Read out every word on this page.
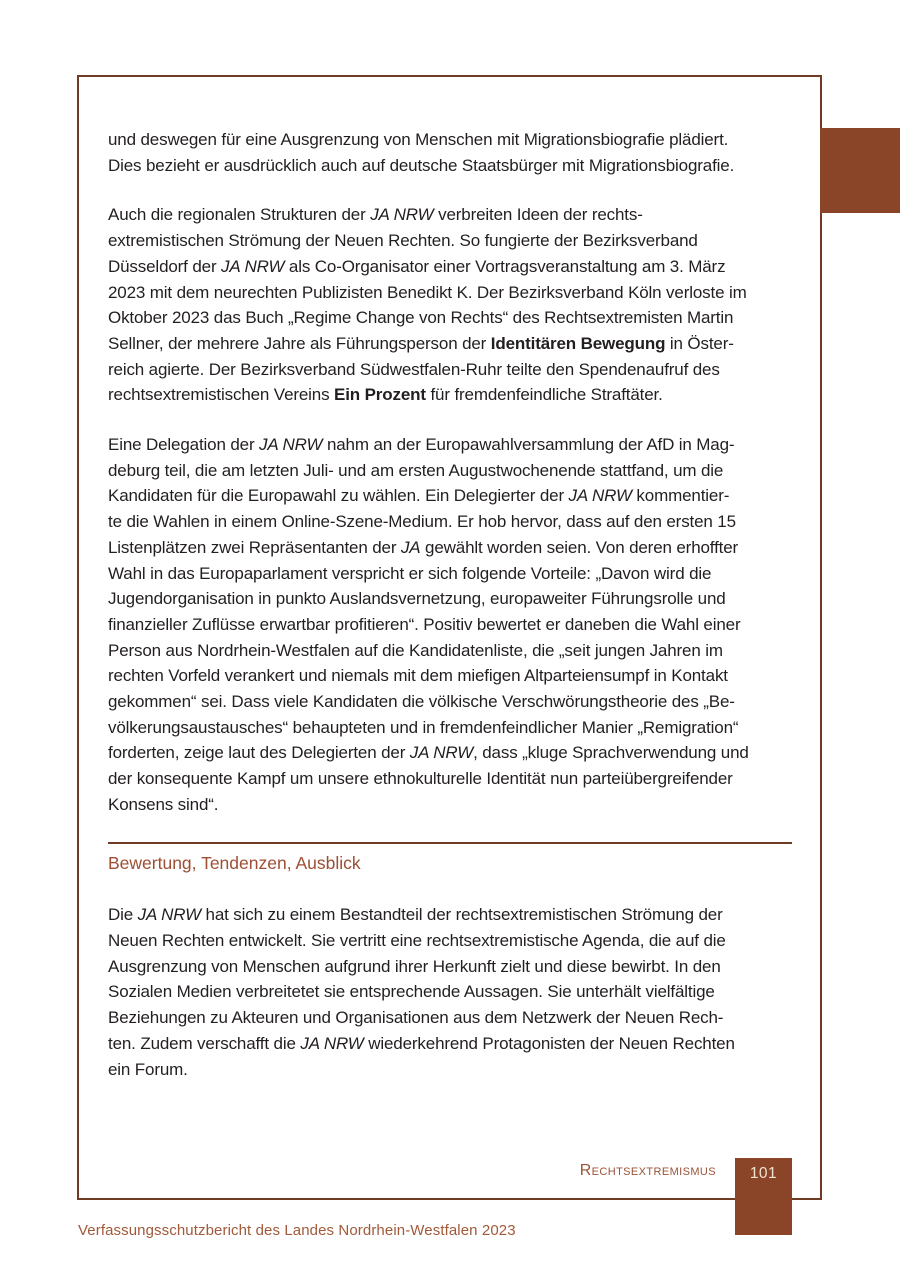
und deswegen für eine Ausgrenzung von Menschen mit Migrationsbiografie plädiert.
Dies bezieht er ausdrücklich auch auf deutsche Staatsbürger mit Migrationsbiografie.
Auch die regionalen Strukturen der JA NRW verbreiten Ideen der rechts-
extremistischen Strömung der Neuen Rechten. So fungierte der Bezirksverband
Düsseldorf der JA NRW als Co-Organisator einer Vortragsveranstaltung am 3. März
2023 mit dem neurechten Publizisten Benedikt K. Der Bezirksverband Köln verloste im
Oktober 2023 das Buch „Regime Change von Rechts“ des Rechtsextremisten Martin
Sellner, der mehrere Jahre als Führungsperson der Identitären Bewegung in Öster-
reich agierte. Der Bezirksverband Südwestfalen-Ruhr teilte den Spendenaufruf des
rechtsextremistischen Vereins Ein Prozent für fremdenfeindliche Straftäter.
Eine Delegation der JA NRW nahm an der Europawahlversammlung der AfD in Mag-
deburg teil, die am letzten Juli- und am ersten Augustwochenende stattfand, um die
Kandidaten für die Europawahl zu wählen. Ein Delegierter der JA NRW kommentier-
te die Wahlen in einem Online-Szene-Medium. Er hob hervor, dass auf den ersten 15
Listenplätzen zwei Repräsentanten der JA gewählt worden seien. Von deren erhoffter
Wahl in das Europaparlament verspricht er sich folgende Vorteile: „Davon wird die
Jugendorganisation in punkto Auslandsvernetzung, europaweiter Führungsrolle und
finanzieller Zuflüsse erwartbar profitieren“. Positiv bewertet er daneben die Wahl einer
Person aus Nordrhein-Westfalen auf die Kandidatenliste, die „seit jungen Jahren im
rechten Vorfeld verankert und niemals mit dem miefigen Altparteiensumpf in Kontakt
gekommen“ sei. Dass viele Kandidaten die völkische Verschwörungstheorie des „Be-
völkerungsaustausches“ behaupteten und in fremdenfeindlicher Manier „Remigration“
forderten, zeige laut des Delegierten der JA NRW, dass „kluge Sprachverwendung und
der konsequente Kampf um unsere ethnokulturelle Identität nun parteiübergreifender
Konsens sind“.
Bewertung, Tendenzen, Ausblick
Die JA NRW hat sich zu einem Bestandteil der rechtsextremistischen Strömung der
Neuen Rechten entwickelt. Sie vertritt eine rechtsextremistische Agenda, die auf die
Ausgrenzung von Menschen aufgrund ihrer Herkunft zielt und diese bewirbt. In den
Sozialen Medien verbreitetet sie entsprechende Aussagen. Sie unterhält vielfältige
Beziehungen zu Akteuren und Organisationen aus dem Netzwerk der Neuen Rech-
ten. Zudem verschafft die JA NRW wiederkehrend Protagonisten der Neuen Rechten
ein Forum.
Rechtsextremismus 101
Verfassungsschutzbericht des Landes Nordrhein-Westfalen 2023
